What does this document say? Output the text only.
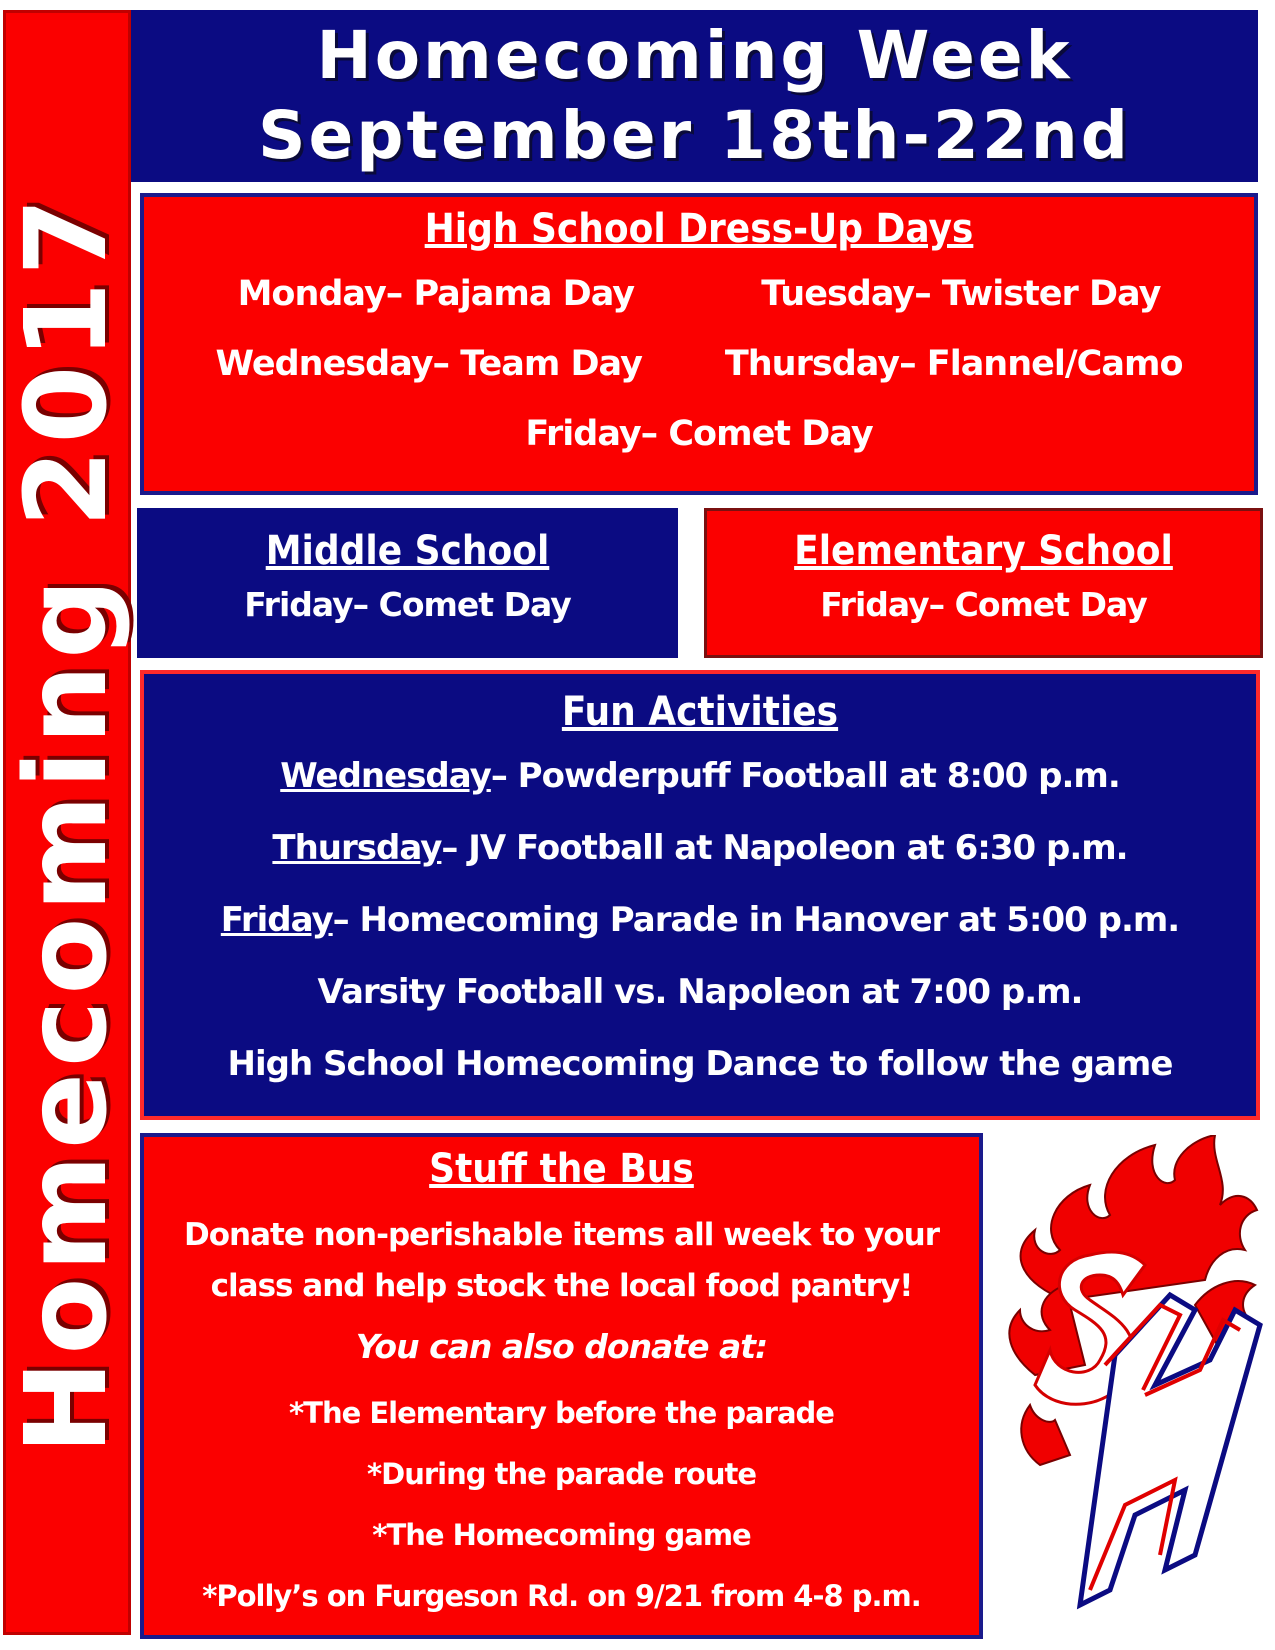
Homecoming 2017
Homecoming Week
September 18th-22nd
High School Dress-Up Days
Monday– Pajama Day	Tuesday– Twister Day
Wednesday– Team Day Thursday– Flannel/Camo
Friday– Comet Day
Middle School
Friday– Comet Day
Elementary School
Friday– Comet Day
Fun Activities
Wednesday– Powderpuff Football at 8:00 p.m.
Thursday– JV Football at Napoleon at 6:30 p.m.
Friday– Homecoming Parade in Hanover at 5:00 p.m.
Varsity Football vs. Napoleon at 7:00 p.m.
High School Homecoming Dance to follow the game
Stuff the Bus
Donate non-perishable items all week to your
class and help stock the local food pantry!
You can also donate at:
*The Elementary before the parade
*During the parade route
*The Homecoming game
*Polly’s on Furgeson Rd. on 9/21 from 4-8 p.m.
